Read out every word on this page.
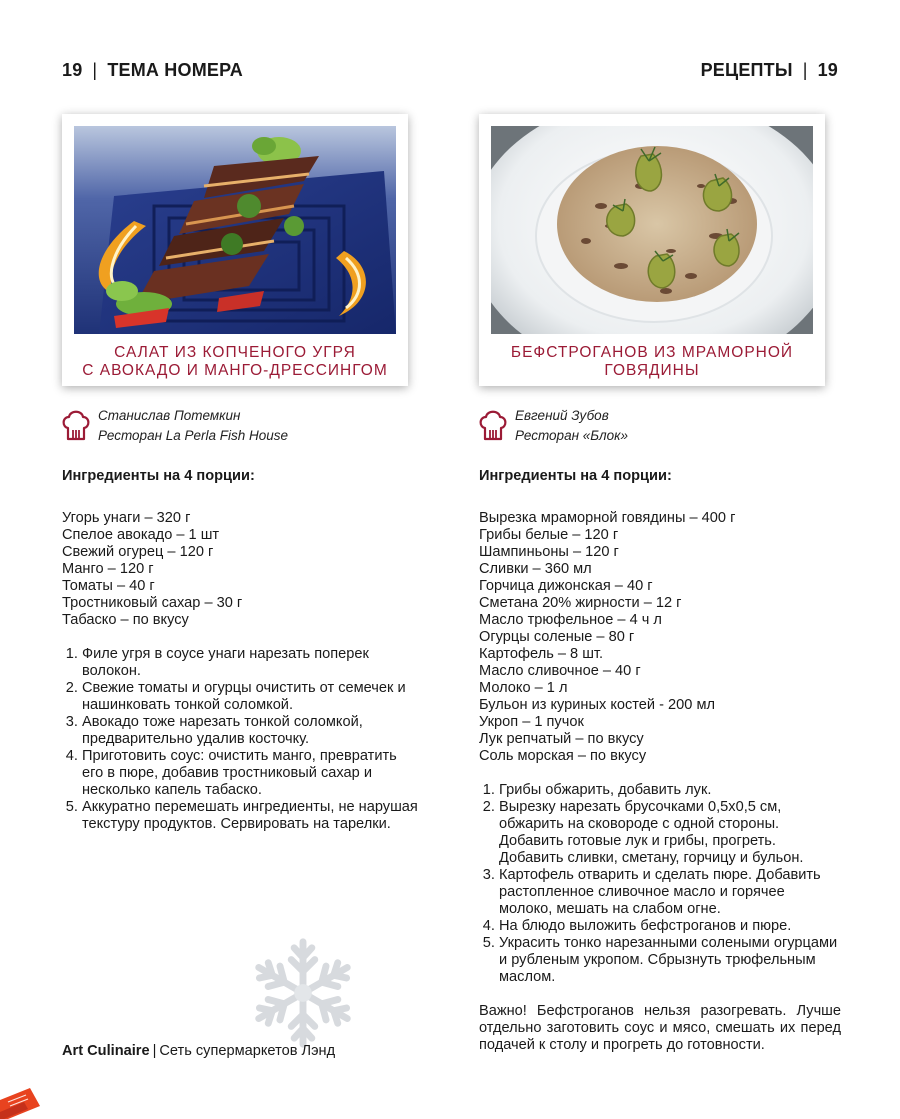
19 | ТЕМА НОМЕРА	РЕЦЕПТЫ | 19
САЛАТ ИЗ КОПЧЕНОГО УГРЯ
С АВОКАДО И МАНГО-ДРЕССИНГОМ
БЕФСТРОГАНОВ ИЗ МРАМОРНОЙ
ГОВЯДИНЫ
Станислав Потемкин
Ресторан La Perla Fish House
Евгений Зубов
Ресторан «Блок»
Ингредиенты на 4 порции:
Угорь унаги – 320 г
Спелое авокадо – 1 шт
Свежий огурец – 120 г
Манго – 120 г
Томаты – 40 г
Тростниковый сахар – 30 г
Табаско – по вкусу
1. Филе угря в соусе унаги нарезать поперек волокон.
2. Свежие томаты и огурцы очистить от семечек и нашинковать тонкой соломкой.
3. Авокадо тоже нарезать тонкой соломкой, предварительно удалив косточку.
4. Приготовить соус: очистить манго, превратить его в пюре, добавив тростниковый сахар и несколько капель табаско.
5. Аккуратно перемешать ингредиенты, не нарушая текстуру продуктов. Сервировать на тарелки.
Ингредиенты на 4 порции:
Вырезка мраморной говядины – 400 г
Грибы белые – 120 г
Шампиньоны – 120 г
Сливки – 360 мл
Горчица дижонская – 40 г
Сметана 20% жирности – 12 г
Масло трюфельное – 4 ч л
Огурцы соленые – 80 г
Картофель – 8 шт.
Масло сливочное – 40 г
Молоко – 1 л
Бульон из куриных костей - 200 мл
Укроп – 1 пучок
Лук репчатый – по вкусу
Соль морская – по вкусу
1. Грибы обжарить, добавить лук.
2. Вырезку нарезать брусочками 0,5х0,5 см, обжарить на сковороде с одной стороны. Добавить готовые лук и грибы, прогреть. Добавить сливки, сметану, горчицу и бульон.
3. Картофель отварить и сделать пюре. Добавить растопленное сливочное масло и горячее молоко, мешать на слабом огне.
4. На блюдо выложить бефстроганов и пюре.
5. Украсить тонко нарезанными солеными огурцами и рубленым укропом. Сбрызнуть трюфельным маслом.
Важно! Бефстроганов нельзя разогревать. Лучше отдельно заготовить соус и мясо, смешать их перед подачей к столу и прогреть до готовности.
Art Culinaire | Сеть супермаркетов Лэнд
